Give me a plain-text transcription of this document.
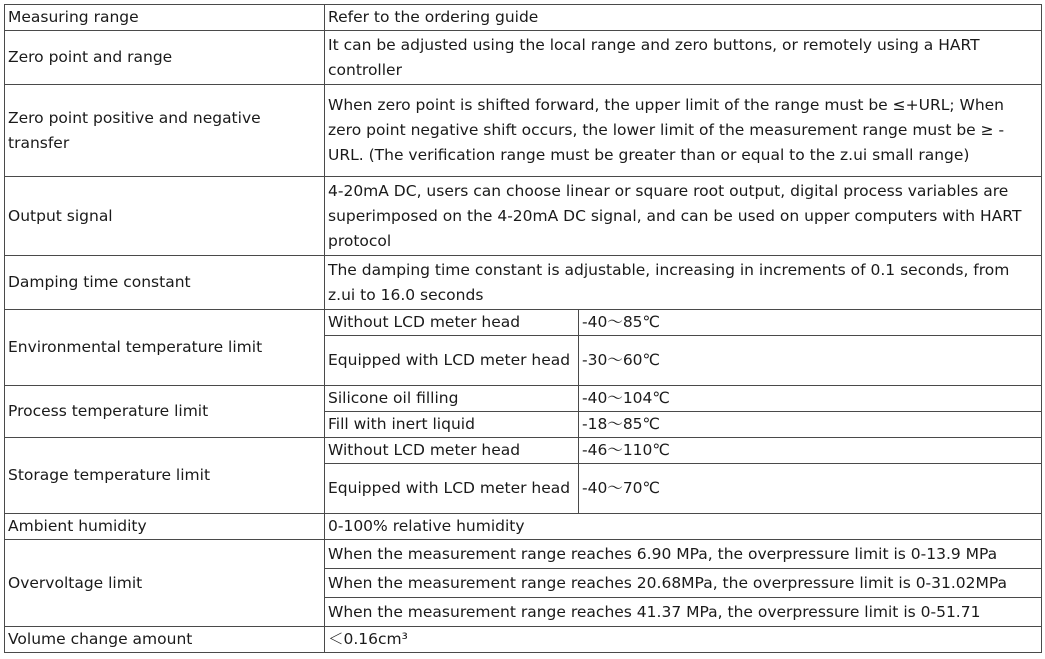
Measuring range	Refer to the ordering guide	
Zero point and range	It can be adjusted using the local range and zero buttons, or remotely using a HART controller	
Zero point positive and negative transfer	When zero point is shifted forward, the upper limit of the range must be ≤+URL; When zero point negative shift occurs, the lower limit of the measurement range must be ≥ -URL. (The verification range must be greater than or equal to the z.ui small range)	
Output signal	4-20mA DC, users can choose linear or square root output, digital process variables are superimposed on the 4-20mA DC signal, and can be used on upper computers with HART protocol	
Damping time constant	The damping time constant is adjustable, increasing in increments of 0.1 seconds, from z.ui to 16.0 seconds	
Environmental temperature limit	Without LCD meter head	-40～85℃
	Equipped with LCD meter head	-30～60℃
Process temperature limit	Silicone oil filling	-40～104℃
	Fill with inert liquid	-18～85℃
Storage temperature limit	Without LCD meter head	-46～110℃
	Equipped with LCD meter head	-40～70℃
Ambient humidity	0-100% relative humidity	
Overvoltage limit	When the measurement range reaches 6.90 MPa, the overpressure limit is 0-13.9 MPa	
	When the measurement range reaches 20.68MPa, the overpressure limit is 0-31.02MPa	
	When the measurement range reaches 41.37 MPa, the overpressure limit is 0-51.71	
Volume change amount	＜0.16cm³	
